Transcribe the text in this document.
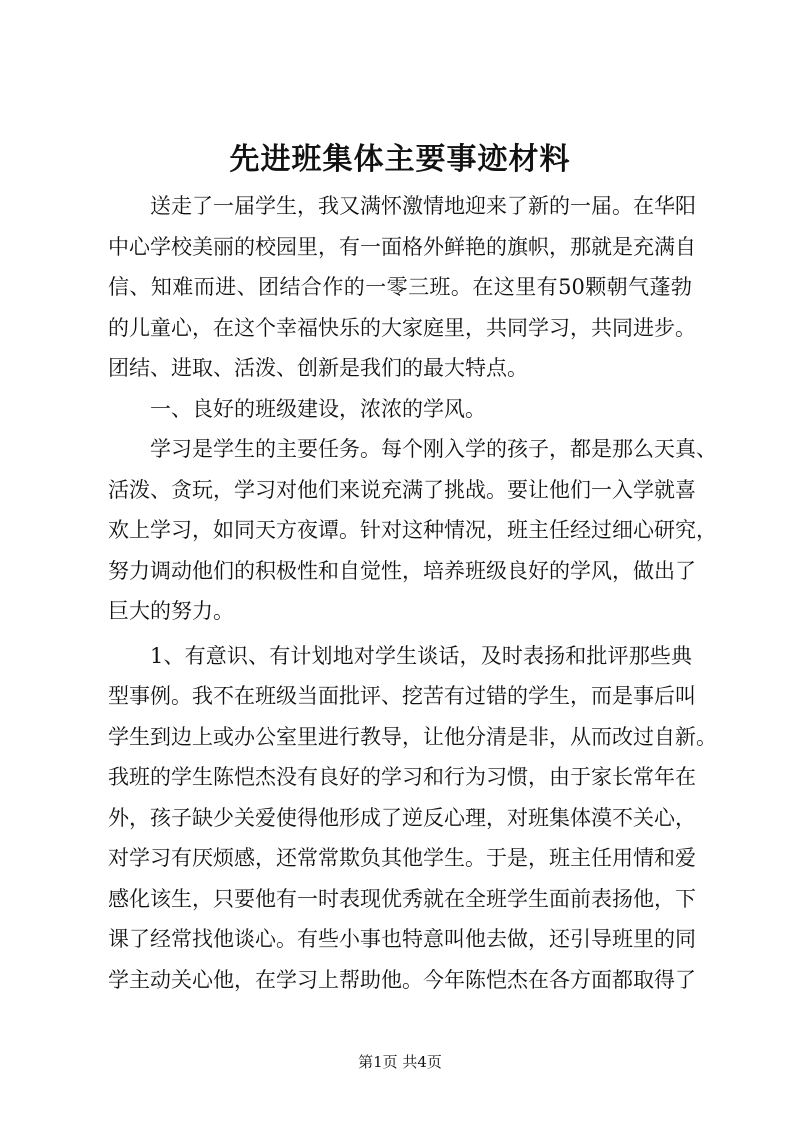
先进班集体主要事迹材料
送走了一届学生，我又满怀激情地迎来了新的一届。在华阳
中心学校美丽的校园里，有一面格外鲜艳的旗帜，那就是充满自
信、知难而进、团结合作的一零三班。在这里有50颗朝气蓬勃
的儿童心，在这个幸福快乐的大家庭里，共同学习，共同进步。
团结、进取、活泼、创新是我们的最大特点。
一、良好的班级建设，浓浓的学风。
学习是学生的主要任务。每个刚入学的孩子，都是那么天真、
活泼、贪玩，学习对他们来说充满了挑战。要让他们一入学就喜
欢上学习，如同天方夜谭。针对这种情况，班主任经过细心研究，
努力调动他们的积极性和自觉性，培养班级良好的学风，做出了
巨大的努力。
1、有意识、有计划地对学生谈话，及时表扬和批评那些典
型事例。我不在班级当面批评、挖苦有过错的学生，而是事后叫
学生到边上或办公室里进行教导，让他分清是非，从而改过自新。
我班的学生陈恺杰没有良好的学习和行为习惯，由于家长常年在
外，孩子缺少关爱使得他形成了逆反心理，对班集体漠不关心，
对学习有厌烦感，还常常欺负其他学生。于是，班主任用情和爱
感化该生，只要他有一时表现优秀就在全班学生面前表扬他，下
课了经常找他谈心。有些小事也特意叫他去做，还引导班里的同
学主动关心他，在学习上帮助他。今年陈恺杰在各方面都取得了
第1页 共4页
